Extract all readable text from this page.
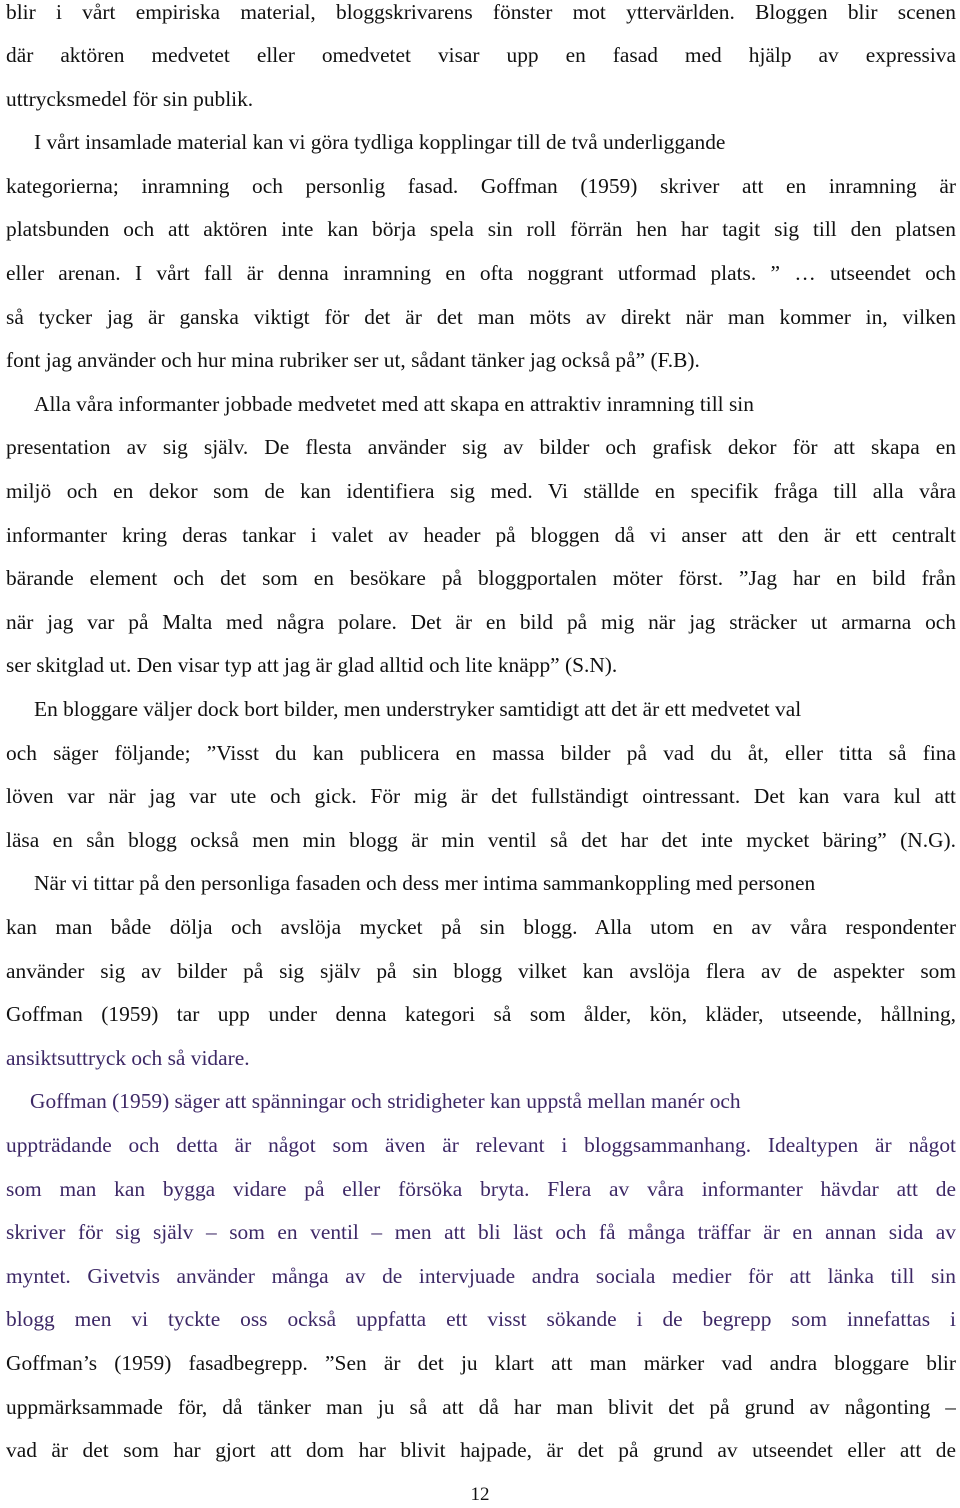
blir i vårt empiriska material, bloggskrivarens fönster mot yttervärlden. Bloggen blir scenen
där aktören medvetet eller omedvetet visar upp en fasad med hjälp av expressiva
uttrycksmedel för sin publik.
I vårt insamlade material kan vi göra tydliga kopplingar till de två underliggande
kategorierna; inramning och personlig fasad. Goffman (1959) skriver att en inramning är
platsbunden och att aktören inte kan börja spela sin roll förrän hen har tagit sig till den platsen
eller arenan. I vårt fall är denna inramning en ofta noggrant utformad plats. ” … utseendet och
så tycker jag är ganska viktigt för det är det man möts av direkt när man kommer in, vilken
font jag använder och hur mina rubriker ser ut, sådant tänker jag också på” (F.B).
Alla våra informanter jobbade medvetet med att skapa en attraktiv inramning till sin
presentation av sig själv. De flesta använder sig av bilder och grafisk dekor för att skapa en
miljö och en dekor som de kan identifiera sig med. Vi ställde en specifik fråga till alla våra
informanter kring deras tankar i valet av header på bloggen då vi anser att den är ett centralt
bärande element och det som en besökare på bloggportalen möter först. ”Jag har en bild från
när jag var på Malta med några polare. Det är en bild på mig när jag sträcker ut armarna och
ser skitglad ut. Den visar typ att jag är glad alltid och lite knäpp” (S.N).
En bloggare väljer dock bort bilder, men understryker samtidigt att det är ett medvetet val
och säger följande; ”Visst du kan publicera en massa bilder på vad du åt, eller titta så fina
löven var när jag var ute och gick. För mig är det fullständigt ointressant. Det kan vara kul att
läsa en sån blogg också men min blogg är min ventil så det har det inte mycket bäring” (N.G).
När vi tittar på den personliga fasaden och dess mer intima sammankoppling med personen
kan man både dölja och avslöja mycket på sin blogg. Alla utom en av våra respondenter
använder sig av bilder på sig själv på sin blogg vilket kan avslöja flera av de aspekter som
Goffman (1959) tar upp under denna kategori så som ålder, kön, kläder, utseende, hållning,
ansiktsuttryck och så vidare.
Goffman (1959) säger att spänningar och stridigheter kan uppstå mellan manér och
uppträdande och detta är något som även är relevant i bloggsammanhang. Idealtypen är något
som man kan bygga vidare på eller försöka bryta. Flera av våra informanter hävdar att de
skriver för sig själv – som en ventil – men att bli läst och få många träffar är en annan sida av
myntet. Givetvis använder många av de intervjuade andra sociala medier för att länka till sin
blogg men vi tyckte oss också uppfatta ett visst sökande i de begrepp som innefattas i
Goffman’s (1959) fasadbegrepp. ”Sen är det ju klart att man märker vad andra bloggare blir
uppmärksammade för, då tänker man ju så att då har man blivit det på grund av någonting –
vad är det som har gjort att dom har blivit hajpade, är det på grund av utseendet eller att de
12
